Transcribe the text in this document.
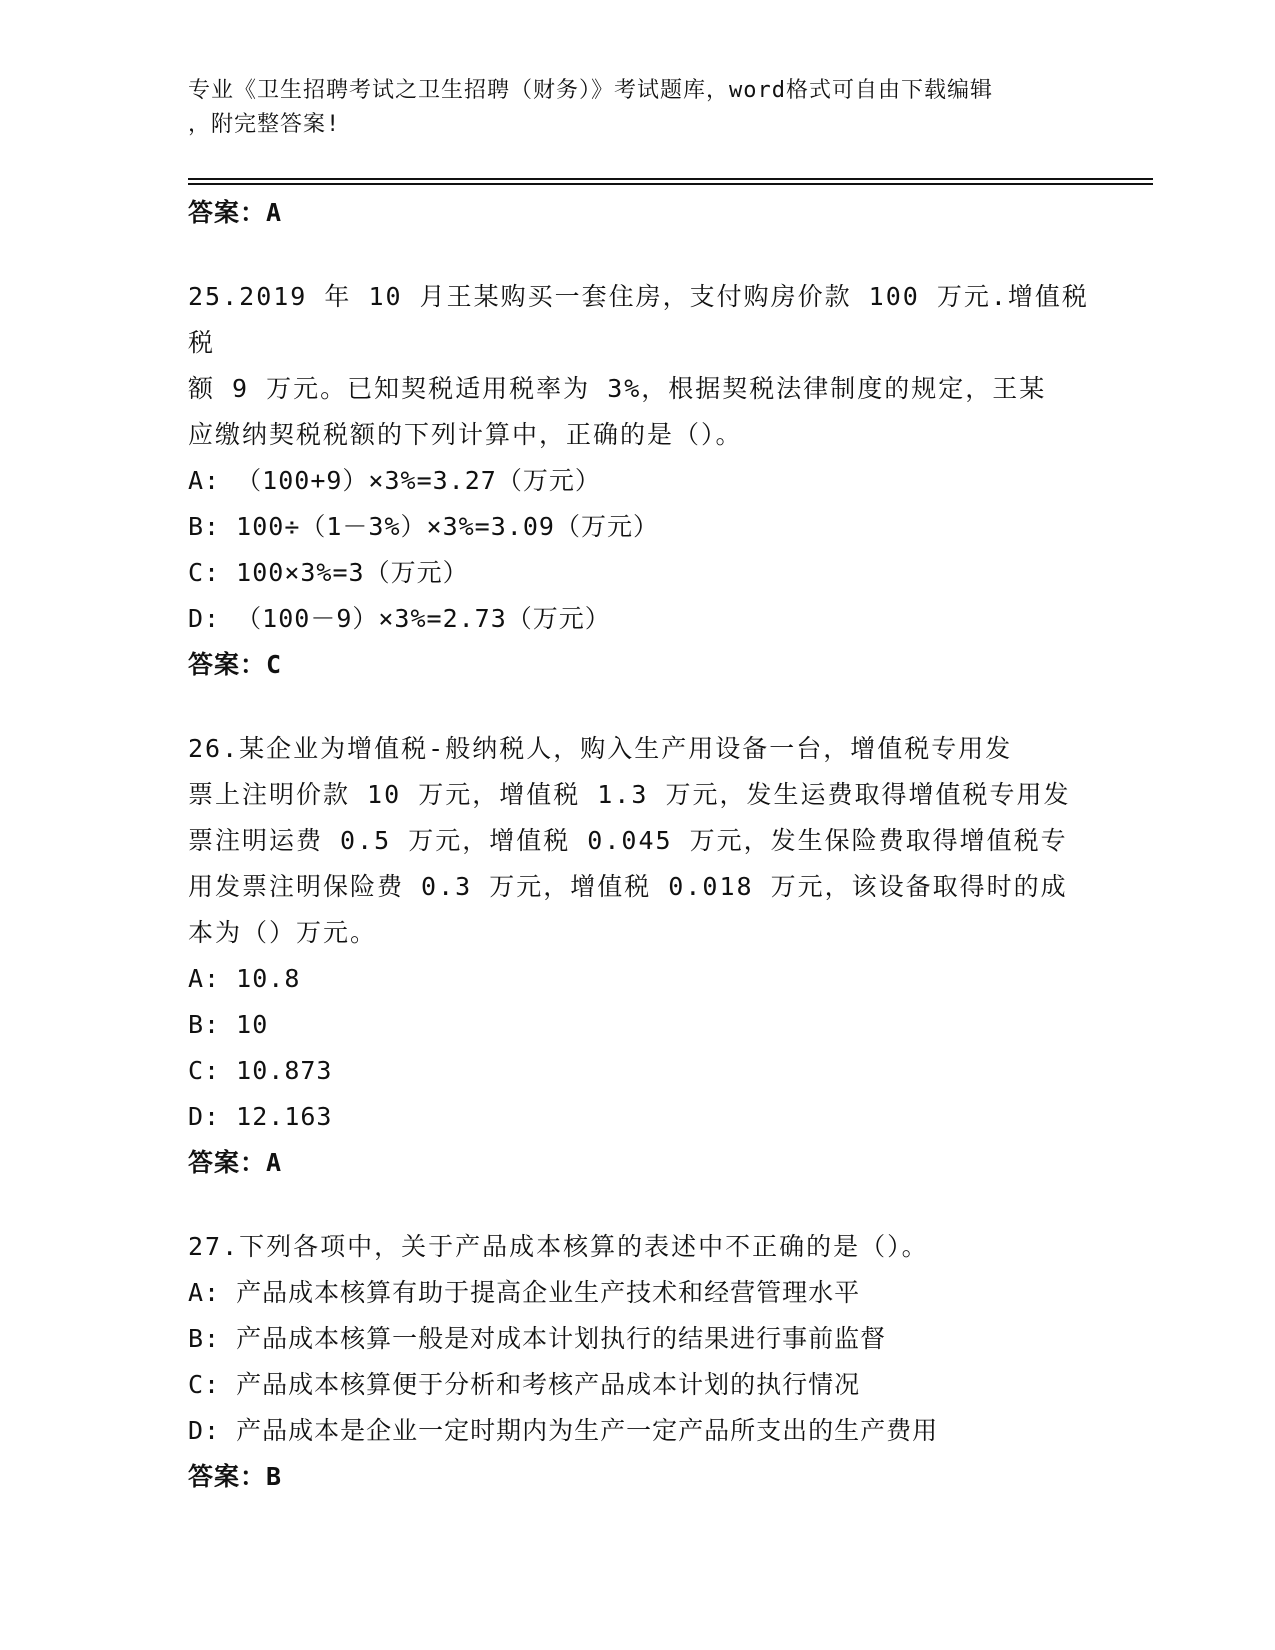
专业《卫生招聘考试之卫生招聘（财务）》考试题库，word格式可自由下载编辑
，附完整答案!
答案：A
25.2019 年 10 月王某购买一套住房，支付购房价款 100 万元.增值税税
额 9 万元。已知契税适用税率为 3%，根据契税法律制度的规定，王某
应缴纳契税税额的下列计算中，正确的是（）。
A: （100+9）×3%=3.27（万元）
B: 100÷（1－3%）×3%=3.09（万元）
C: 100×3%=3（万元）
D: （100－9）×3%=2.73（万元）
答案：C
26.某企业为增值税-般纳税人，购入生产用设备一台，增值税专用发
票上注明价款 10 万元，增值税 1.3 万元，发生运费取得增值税专用发
票注明运费 0.5 万元，增值税 0.045 万元，发生保险费取得增值税专
用发票注明保险费 0.3 万元，增值税 0.018 万元，该设备取得时的成
本为（）万元。
A: 10.8
B: 10
C: 10.873
D: 12.163
答案：A
27.下列各项中，关于产品成本核算的表述中不正确的是（）。
A: 产品成本核算有助于提高企业生产技术和经营管理水平
B: 产品成本核算一般是对成本计划执行的结果进行事前监督
C: 产品成本核算便于分析和考核产品成本计划的执行情况
D: 产品成本是企业一定时期内为生产一定产品所支出的生产费用
答案：B
